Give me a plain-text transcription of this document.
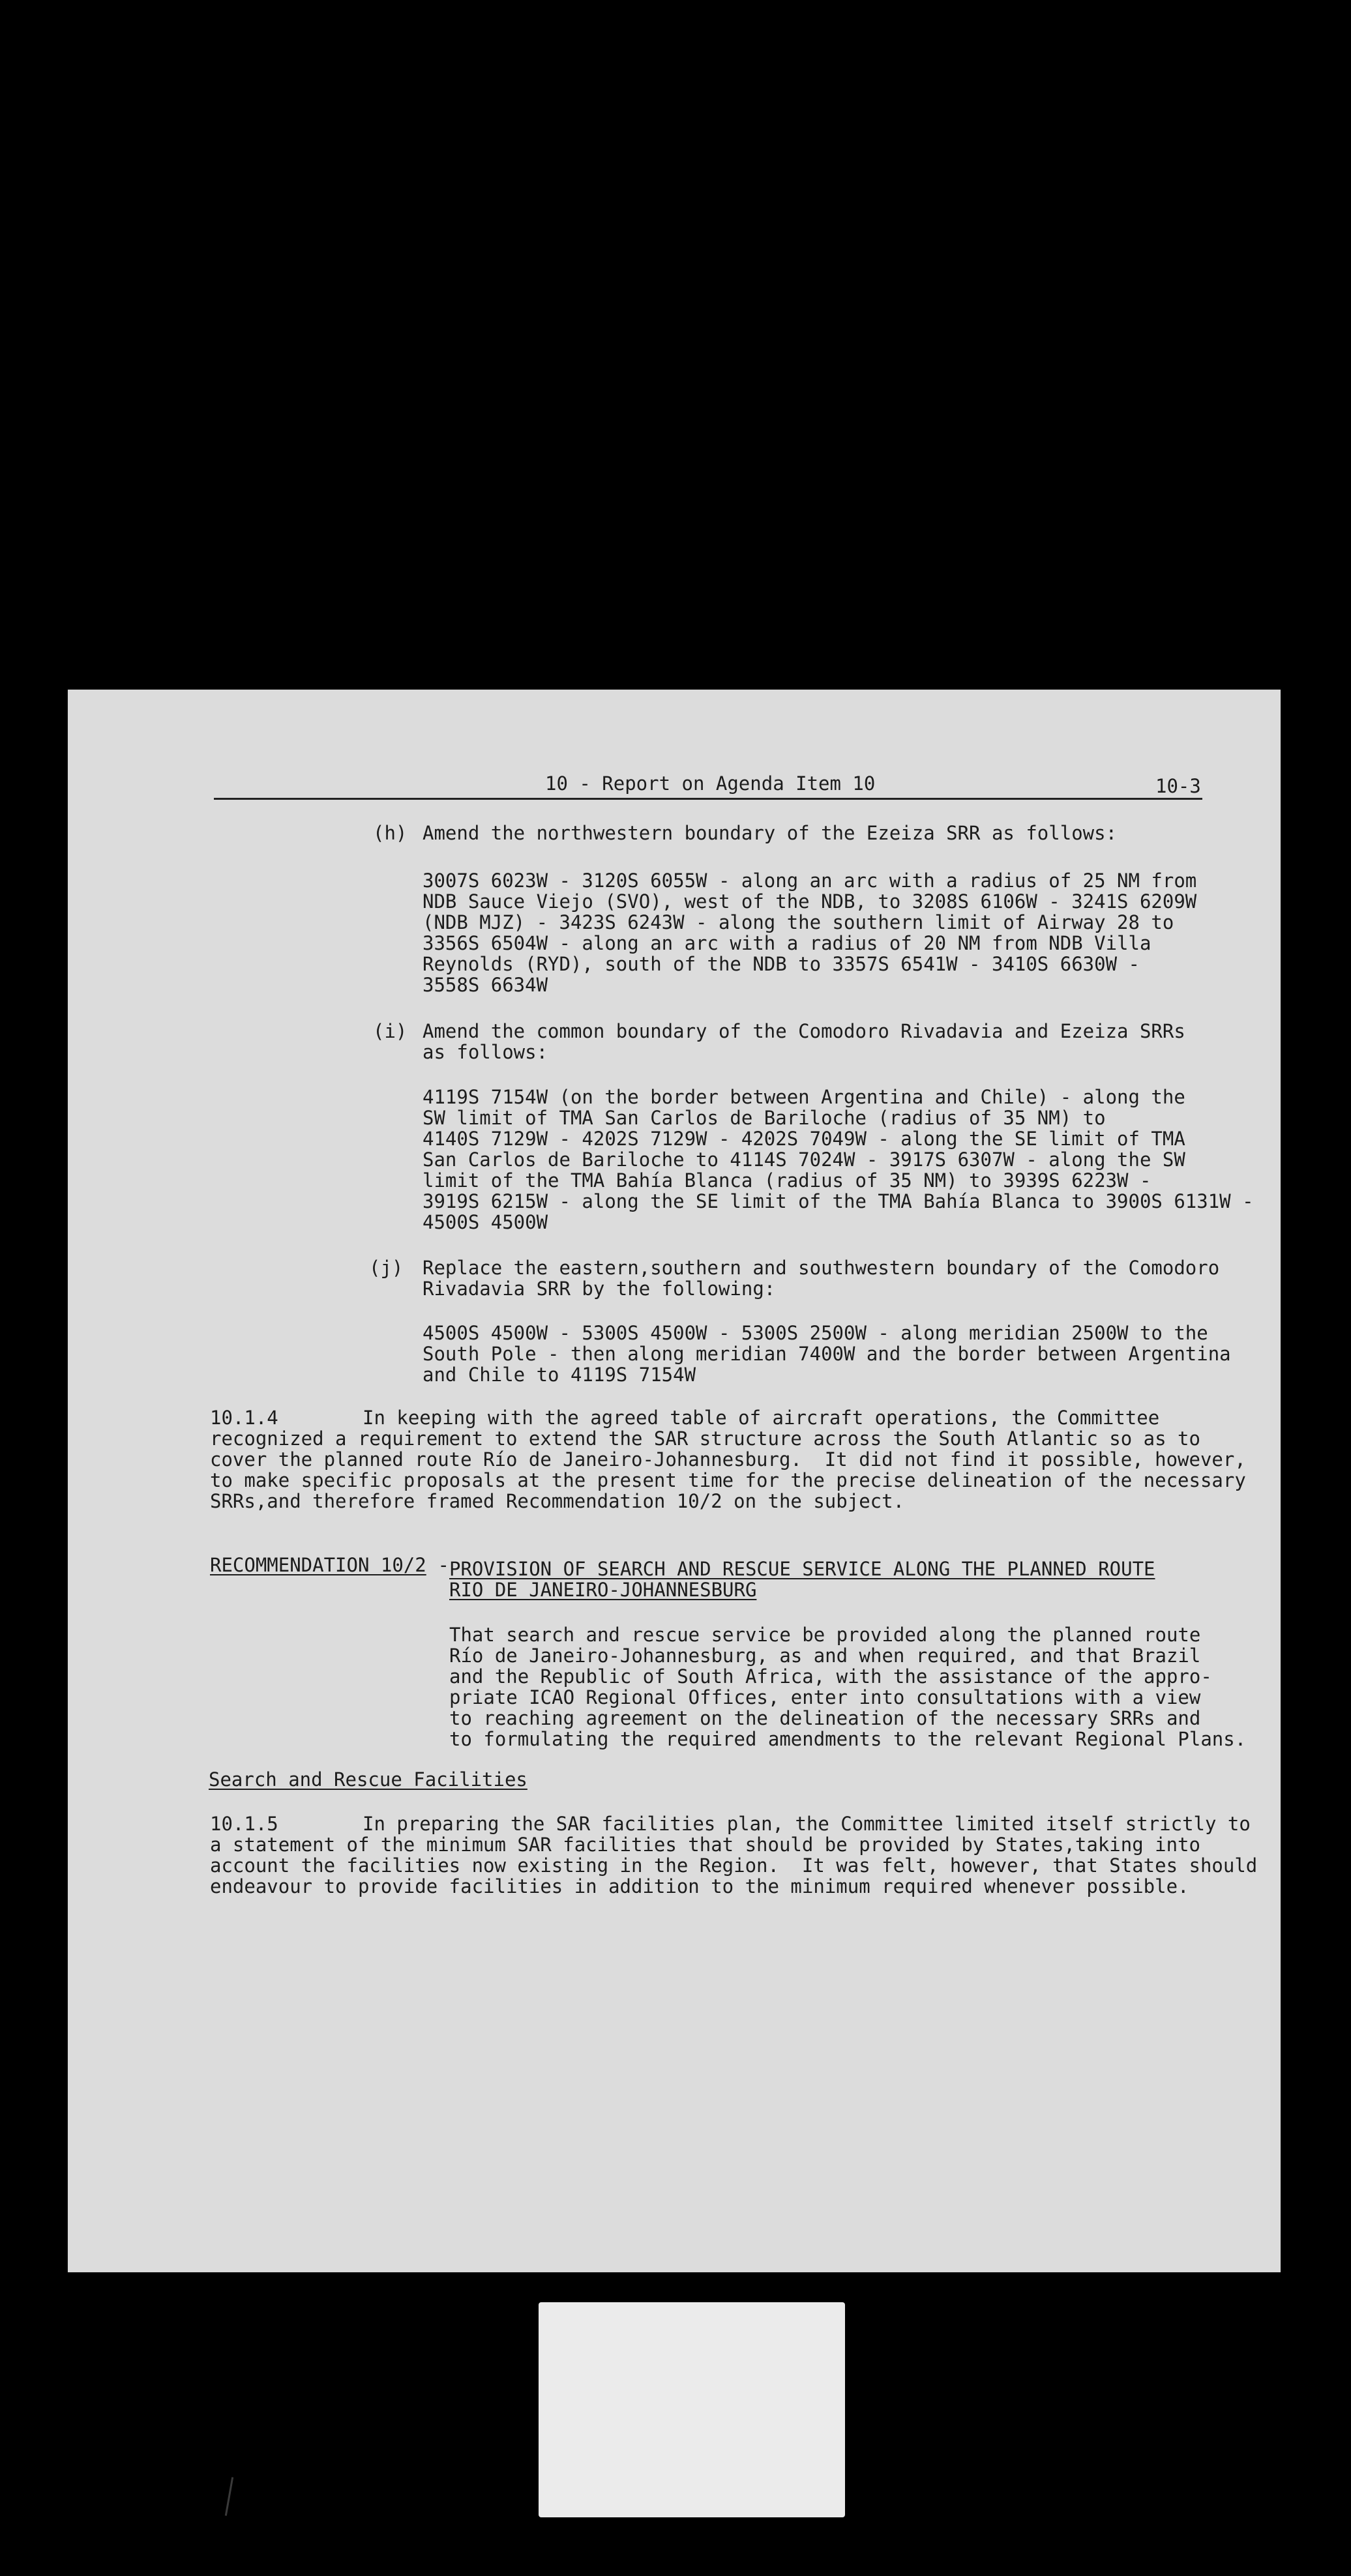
10 - Report on Agenda Item 10	10-3
(h) Amend the northwestern boundary of the Ezeiza SRR as follows:
3007S 6023W - 3120S 6055W - along an arc with a radius of 25 NM from
NDB Sauce Viejo (SVO), west of the NDB, to 3208S 6106W - 3241S 6209W
(NDB MJZ) - 3423S 6243W - along the southern limit of Airway 28 to
3356S 6504W - along an arc with a radius of 20 NM from NDB Villa
Reynolds (RYD), south of the NDB to 3357S 6541W - 3410S 6630W -
3558S 6634W
(i) Amend the common boundary of the Comodoro Rivadavia and Ezeiza SRRs
as follows:
4119S 7154W (on the border between Argentina and Chile) - along the
SW limit of TMA San Carlos de Bariloche (radius of 35 NM) to
4140S 7129W - 4202S 7129W - 4202S 7049W - along the SE limit of TMA
San Carlos de Bariloche to 4114S 7024W - 3917S 6307W - along the SW
limit of the TMA Bahía Blanca (radius of 35 NM) to 3939S 6223W -
3919S 6215W - along the SE limit of the TMA Bahía Blanca to 3900S 6131W -
4500S 4500W
(j) Replace the eastern,southern and southwestern boundary of the Comodoro
Rivadavia SRR by the following:
4500S 4500W - 5300S 4500W - 5300S 2500W - along meridian 2500W to the
South Pole - then along meridian 7400W and the border between Argentina
and Chile to 4119S 7154W
10.1.4	In keeping with the agreed table of aircraft operations, the Committee
recognized a requirement to extend the SAR structure across the South Atlantic so as to
cover the planned route Río de Janeiro-Johannesburg.  It did not find it possible, however,
to make specific proposals at the present time for the precise delineation of the necessary
SRRs,and therefore framed Recommendation 10/2 on the subject.
RECOMMENDATION 10/2 -
PROVISION OF SEARCH AND RESCUE SERVICE ALONG THE PLANNED ROUTE
RIO DE JANEIRO-JOHANNESBURG
That search and rescue service be provided along the planned route
Río de Janeiro-Johannesburg, as and when required, and that Brazil
and the Republic of South Africa, with the assistance of the appro-
priate ICAO Regional Offices, enter into consultations with a view
to reaching agreement on the delineation of the necessary SRRs and
to formulating the required amendments to the relevant Regional Plans.
Search and Rescue Facilities
10.1.5	In preparing the SAR facilities plan, the Committee limited itself strictly to
a statement of the minimum SAR facilities that should be provided by States,taking into
account the facilities now existing in the Region.  It was felt, however, that States should
endeavour to provide facilities in addition to the minimum required whenever possible.
